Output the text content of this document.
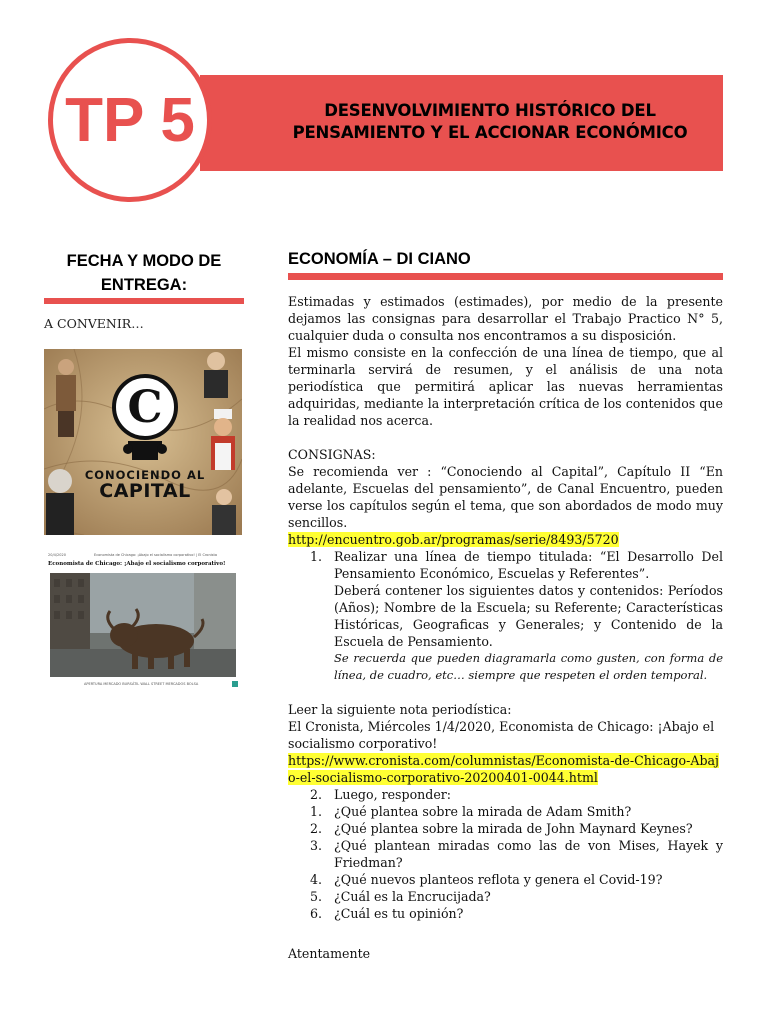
TP 5	DESENVOLVIMIENTO HISTÓRICO DEL
PENSAMIENTO Y EL ACCIONAR ECONÓMICO
FECHA Y MODO DE
ENTREGA:
A CONVENIR…
C
CONOCIENDO AL
CAPITAL
20/4/2020	Economista de Chicago: ¡Abajo el socialismo corporativo! | El Cronista
Economista de Chicago: ¡Abajo el socialismo corporativo!
APERTURA MERCADO BURSÁTIL WALL STREET MERCADOS BOLSA
ECONOMÍA – DI CIANO
Estimadas y estimados (estimades), por medio de la presente dejamos las consignas para desarrollar el Trabajo Practico N° 5, cualquier duda o consulta nos encontramos a su disposición.
El mismo consiste en la confección de una línea de tiempo, que al terminarla servirá de resumen, y el análisis de una nota periodística que permitirá aplicar las nuevas herramientas adquiridas, mediante la interpretación crítica de los contenidos que la realidad nos acerca.
CONSIGNAS:
Se recomienda ver : “Conociendo al Capital”, Capítulo II “En adelante, Escuelas del pensamiento”, de Canal Encuentro, pueden verse los capítulos según el tema, que son abordados de modo muy sencillos.
http://encuentro.gob.ar/programas/serie/8493/5720
1. Realizar una línea de tiempo titulada: “El Desarrollo Del Pensamiento Económico, Escuelas y Referentes”.
Deberá contener los siguientes datos y contenidos: Períodos (Años); Nombre de la Escuela; su Referente; Características Históricas, Geograficas y Generales; y Contenido de la Escuela de Pensamiento.
Se recuerda que pueden diagramarla como gusten, con forma de línea, de cuadro, etc… siempre que respeten el orden temporal.
Leer la siguiente nota periodística:
El Cronista, Miércoles 1/4/2020, Economista de Chicago: ¡Abajo el socialismo corporativo!
https://www.cronista.com/columnistas/Economista-de-Chicago-Abajo-el-socialismo-corporativo-20200401-0044.html
2. Luego, responder:
1. ¿Qué plantea sobre la mirada de Adam Smith?
2. ¿Qué plantea sobre la mirada de John Maynard Keynes?
3. ¿Qué plantean miradas como las de von Mises, Hayek y Friedman?
4. ¿Qué nuevos planteos reflota y genera el Covid-19?
5. ¿Cuál es la Encrucijada?
6. ¿Cuál es tu opinión?
Atentamente
